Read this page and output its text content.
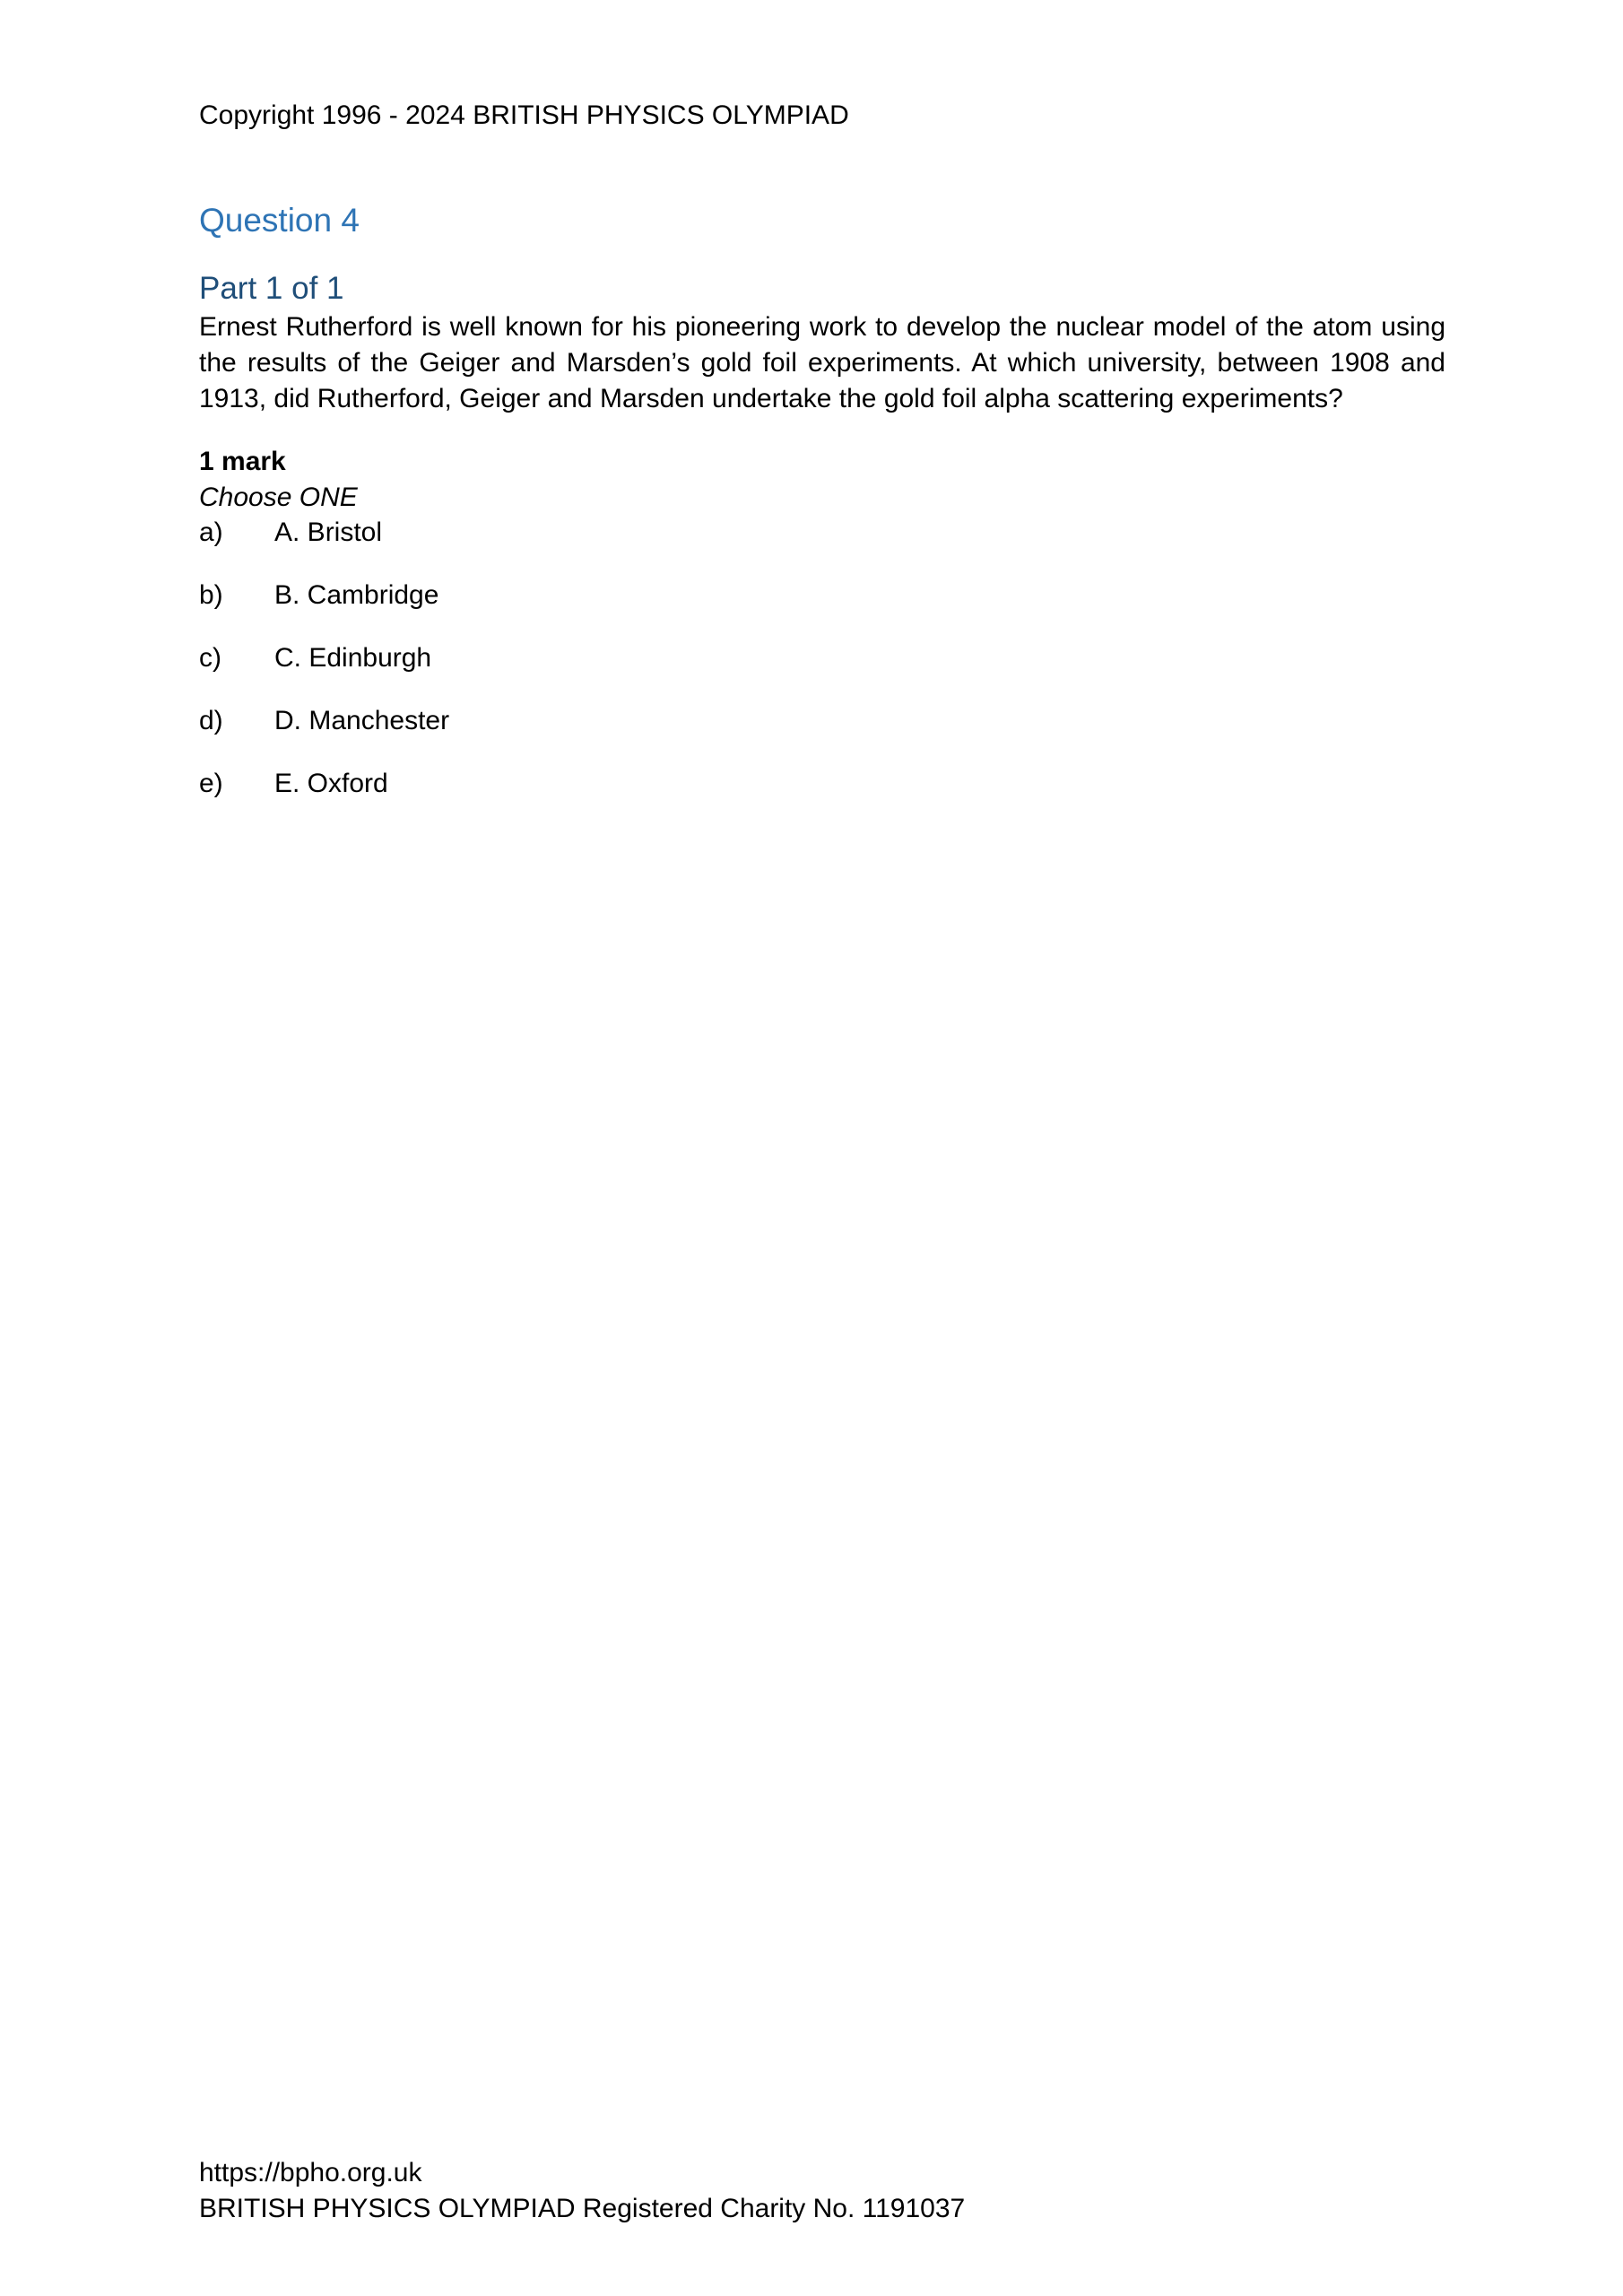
Copyright 1996 - 2024 BRITISH PHYSICS OLYMPIAD
Question 4
Part 1 of 1
Ernest Rutherford is well known for his pioneering work to develop the nuclear model of the atom using the results of the Geiger and Marsden’s gold foil experiments. At which university, between 1908 and 1913, did Rutherford, Geiger and Marsden undertake the gold foil alpha scattering experiments?
1 mark
Choose ONE
a) A. Bristol
b) B. Cambridge
c) C. Edinburgh
d) D. Manchester
e) E. Oxford
https://bpho.org.uk
BRITISH PHYSICS OLYMPIAD Registered Charity No. 1191037
